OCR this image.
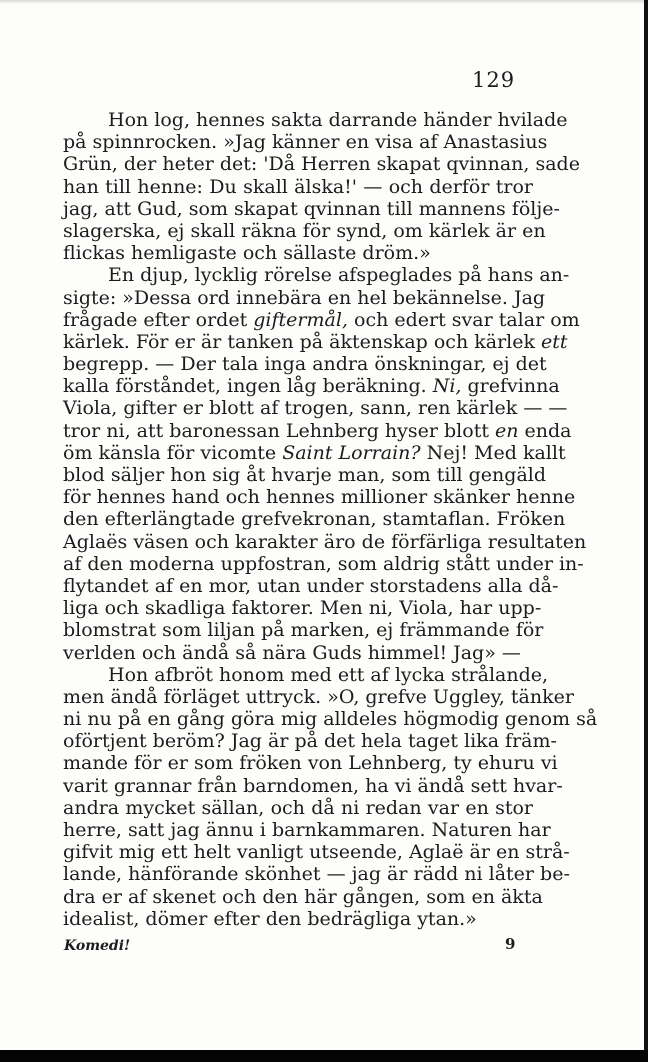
129
Hon log, hennes sakta darrande händer hvilade
på spinnrocken. »Jag känner en visa af Anastasius
Grün, der heter det: 'Då Herren skapat qvinnan, sade
han till henne: Du skall älska!' — och derför tror
jag, att Gud, som skapat qvinnan till mannens följe-
slagerska, ej skall räkna för synd, om kärlek är en
flickas hemligaste och sällaste dröm.»
En djup, lycklig rörelse afspeglades på hans an-
sigte: »Dessa ord innebära en hel bekännelse. Jag
frågade efter ordet giftermål, och edert svar talar om
kärlek. För er är tanken på äktenskap och kärlek ett
begrepp. — Der tala inga andra önskningar, ej det
kalla förståndet, ingen låg beräkning. Ni, grefvinna
Viola, gifter er blott af trogen, sann, ren kärlek — —
tror ni, att baronessan Lehnberg hyser blott en enda
öm känsla för vicomte Saint Lorrain? Nej! Med kallt
blod säljer hon sig åt hvarje man, som till gengäld
för hennes hand och hennes millioner skänker henne
den efterlängtade grefvekronan, stamtaflan. Fröken
Aglaës väsen och karakter äro de förfärliga resultaten
af den moderna uppfostran, som aldrig stått under in-
flytandet af en mor, utan under storstadens alla då-
liga och skadliga faktorer. Men ni, Viola, har upp-
blomstrat som liljan på marken, ej främmande för
verlden och ändå så nära Guds himmel! Jag» —
Hon afbröt honom med ett af lycka strålande,
men ändå förläget uttryck. »O, grefve Uggley, tänker
ni nu på en gång göra mig alldeles högmodig genom så
oförtjent beröm? Jag är på det hela taget lika främ-
mande för er som fröken von Lehnberg, ty ehuru vi
varit grannar från barndomen, ha vi ändå sett hvar-
andra mycket sällan, och då ni redan var en stor
herre, satt jag ännu i barnkammaren. Naturen har
gifvit mig ett helt vanligt utseende, Aglaë är en strå-
lande, hänförande skönhet — jag är rädd ni låter be-
dra er af skenet och den här gången, som en äkta
idealist, dömer efter den bedrägliga ytan.»
Komedi!	9
